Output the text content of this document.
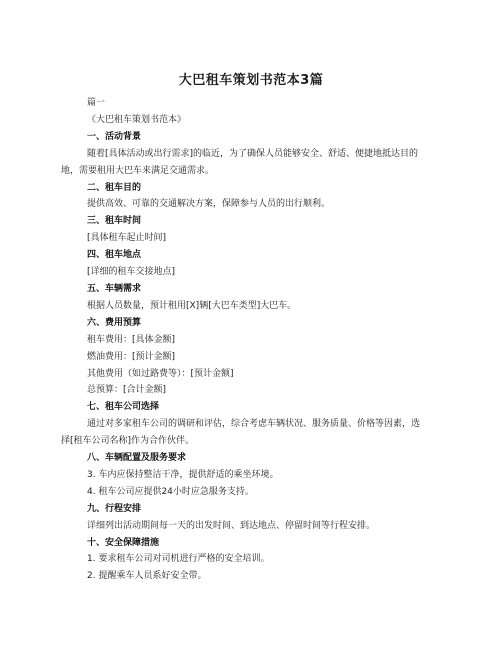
大巴租车策划书范本3篇
篇一
《大巴租车策划书范本》
一、活动背景
随着[具体活动或出行需求]的临近，为了确保人员能够安全、舒适、便捷地抵达目的
地，需要租用大巴车来满足交通需求。
二、租车目的
提供高效、可靠的交通解决方案，保障参与人员的出行顺利。
三、租车时间
[具体租车起止时间]
四、租车地点
[详细的租车交接地点]
五、车辆需求
根据人员数量，预计租用[X]辆[大巴车类型]大巴车。
六、费用预算
租车费用：[具体金额]
燃油费用：[预计金额]
其他费用（如过路费等）：[预计金额]
总预算：[合计金额]
七、租车公司选择
通过对多家租车公司的调研和评估，综合考虑车辆状况、服务质量、价格等因素，选
择[租车公司名称]作为合作伙伴。
八、车辆配置及服务要求
3. 车内应保持整洁干净，提供舒适的乘坐环境。
4. 租车公司应提供24小时应急服务支持。
九、行程安排
详细列出活动期间每一天的出发时间、到达地点、停留时间等行程安排。
十、安全保障措施
1. 要求租车公司对司机进行严格的安全培训。
2. 提醒乘车人员系好安全带。
